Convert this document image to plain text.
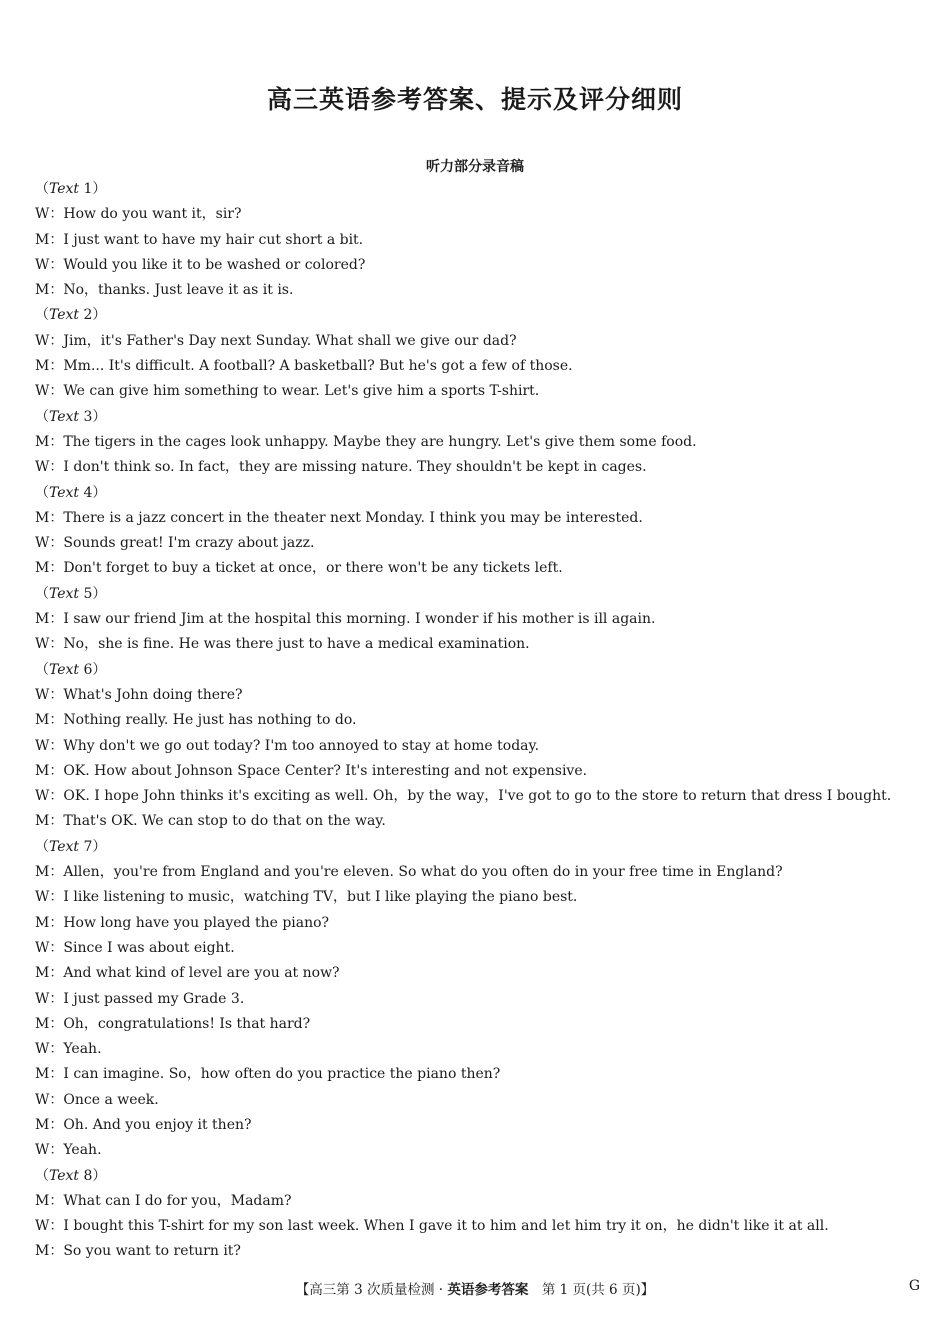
高三英语参考答案、提示及评分细则
听力部分录音稿
（Text 1）
W：How do you want it，sir?
M：I just want to have my hair cut short a bit.
W：Would you like it to be washed or colored?
M：No，thanks. Just leave it as it is.
（Text 2）
W：Jim，it's Father's Day next Sunday. What shall we give our dad?
M：Mm... It's difficult. A football? A basketball? But he's got a few of those.
W：We can give him something to wear. Let's give him a sports T-shirt.
（Text 3）
M：The tigers in the cages look unhappy. Maybe they are hungry. Let's give them some food.
W：I don't think so. In fact，they are missing nature. They shouldn't be kept in cages.
（Text 4）
M：There is a jazz concert in the theater next Monday. I think you may be interested.
W：Sounds great! I'm crazy about jazz.
M：Don't forget to buy a ticket at once，or there won't be any tickets left.
（Text 5）
M：I saw our friend Jim at the hospital this morning. I wonder if his mother is ill again.
W：No，she is fine. He was there just to have a medical examination.
（Text 6）
W：What's John doing there?
M：Nothing really. He just has nothing to do.
W：Why don't we go out today? I'm too annoyed to stay at home today.
M：OK. How about Johnson Space Center? It's interesting and not expensive.
W：OK. I hope John thinks it's exciting as well. Oh，by the way，I've got to go to the store to return that dress I bought.
M：That's OK. We can stop to do that on the way.
（Text 7）
M：Allen，you're from England and you're eleven. So what do you often do in your free time in England?
W：I like listening to music，watching TV，but I like playing the piano best.
M：How long have you played the piano?
W：Since I was about eight.
M：And what kind of level are you at now?
W：I just passed my Grade 3.
M：Oh，congratulations! Is that hard?
W：Yeah.
M：I can imagine. So，how often do you practice the piano then?
W：Once a week.
M：Oh. And you enjoy it then?
W：Yeah.
（Text 8）
M：What can I do for you，Madam?
W：I bought this T-shirt for my son last week. When I gave it to him and let him try it on，he didn't like it at all.
M：So you want to return it?
【高三第 3 次质量检测 · 英语参考答案　第 1 页(共 6 页)】	G
